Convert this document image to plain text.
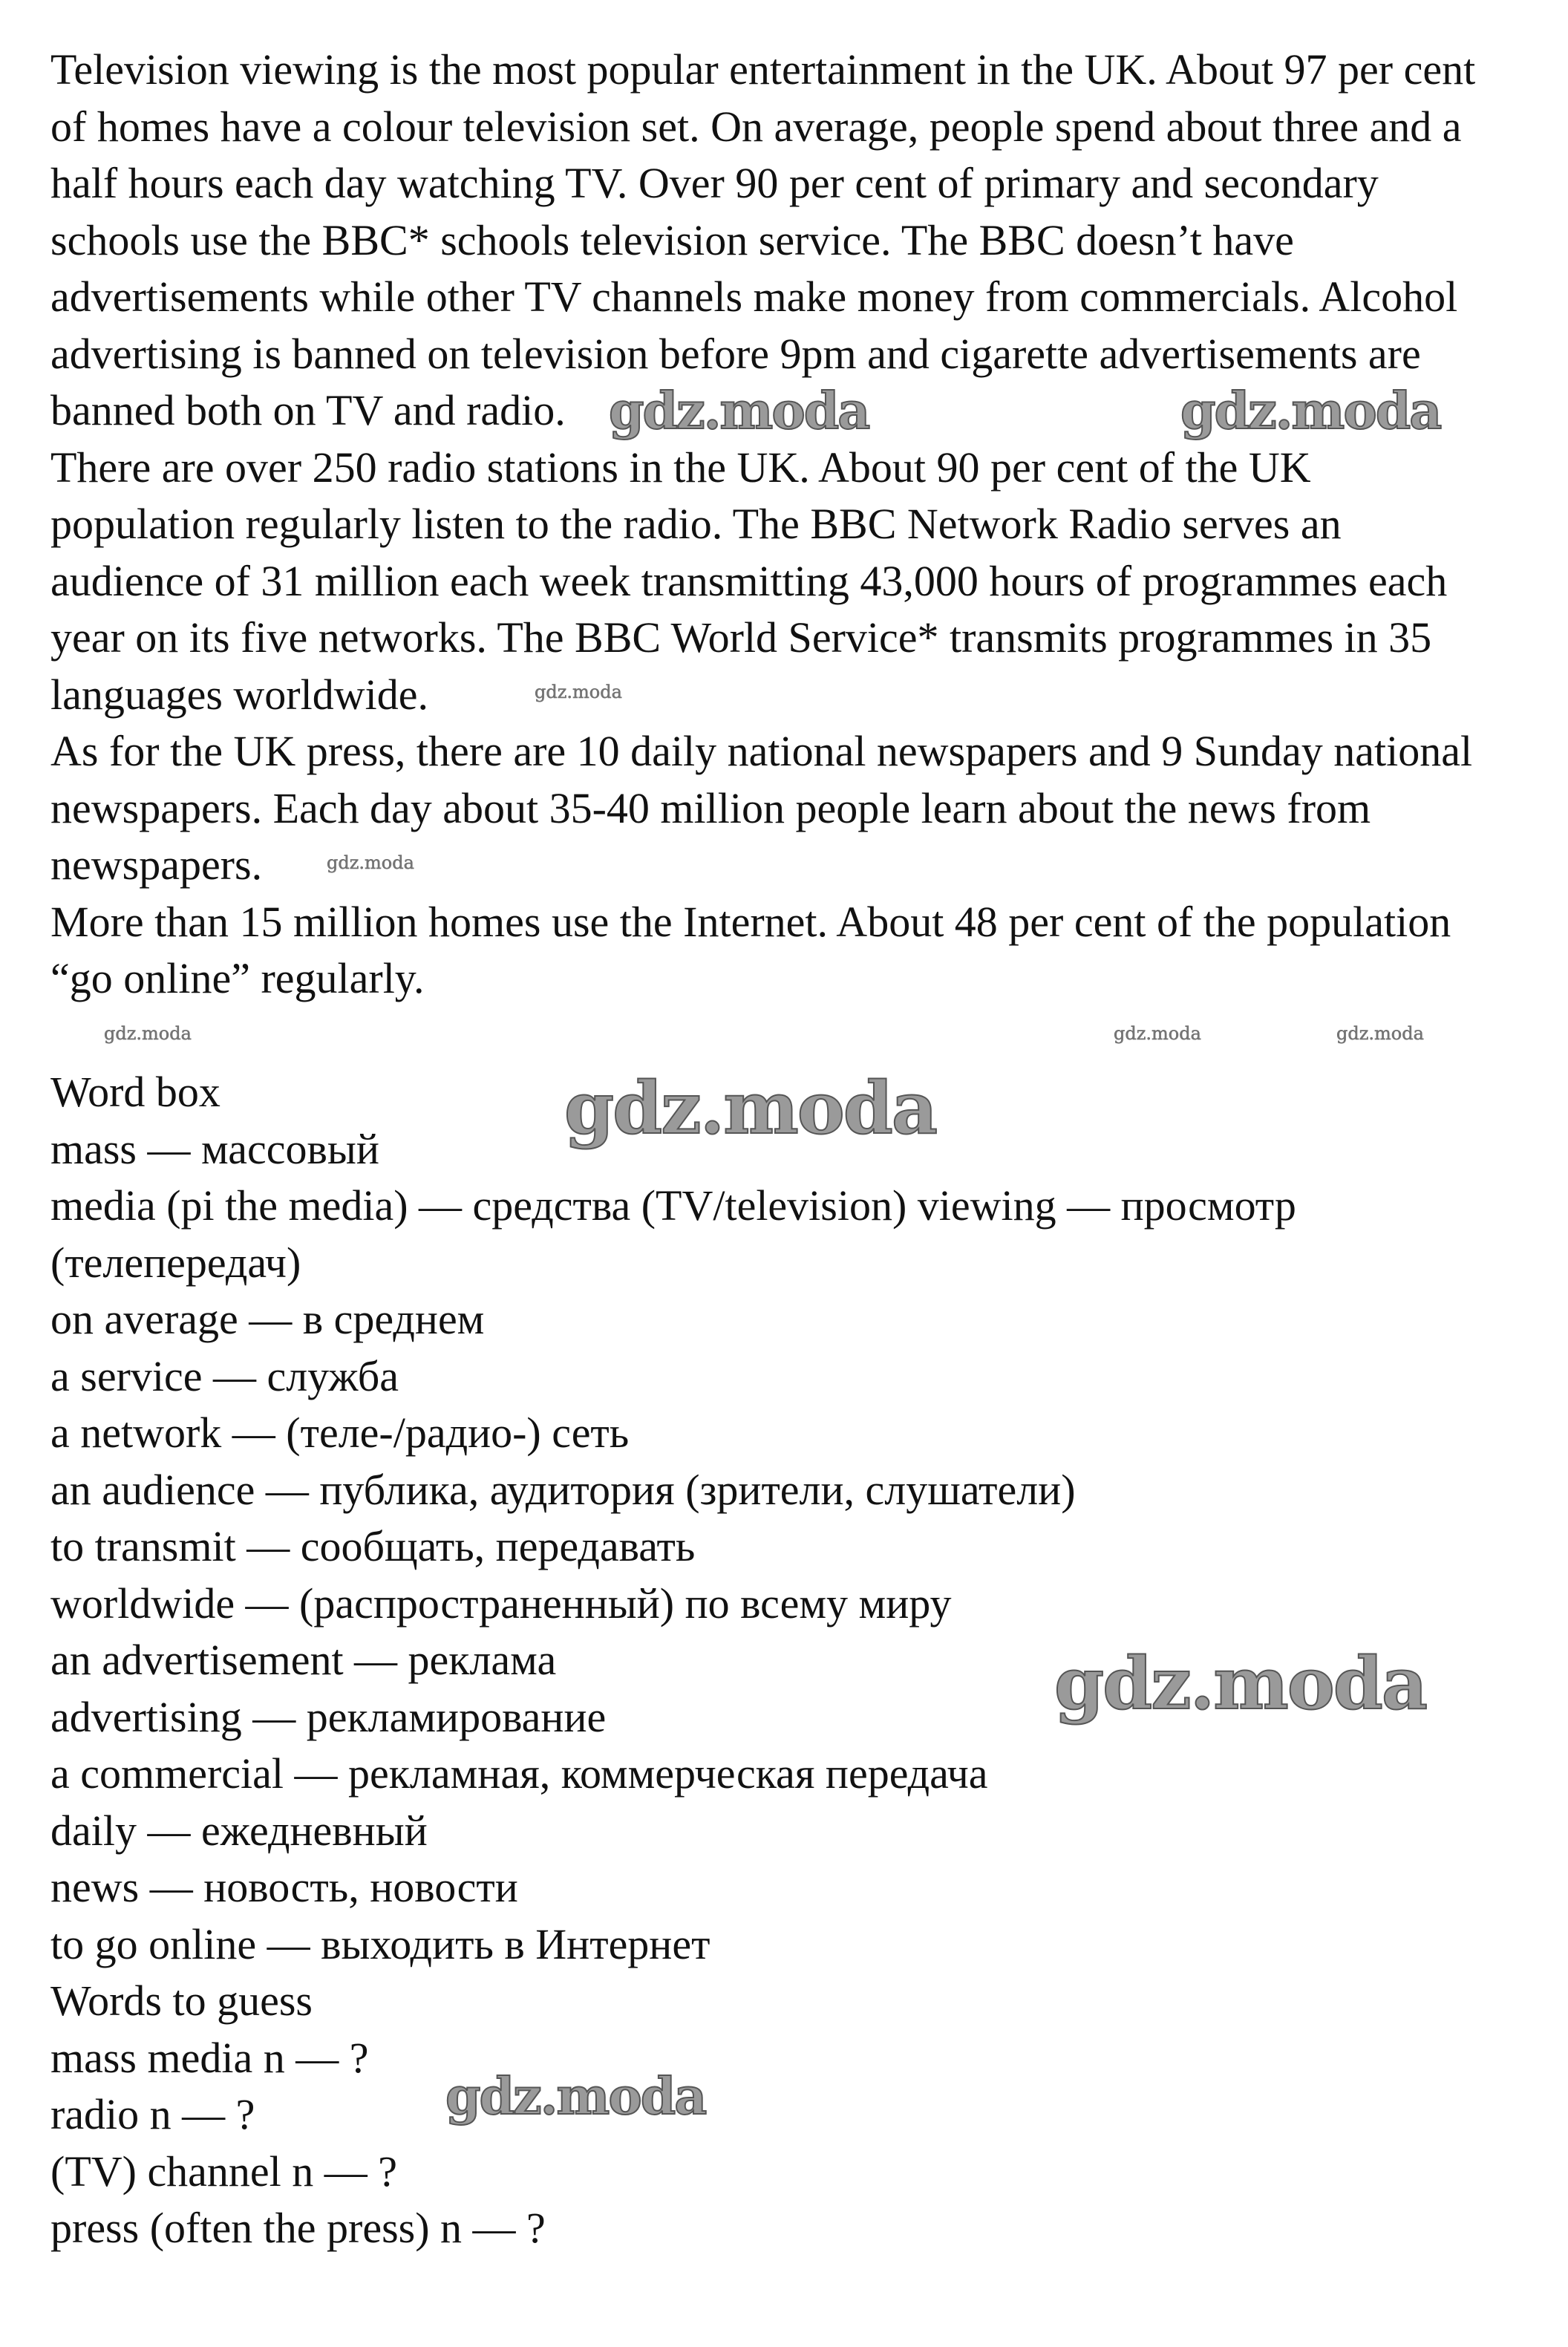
Television viewing is the most popular entertainment in the UK. About 97 per cent
of homes have a colour television set. On average, people spend about three and a
half hours each day watching TV. Over 90 per cent of primary and secondary
schools use the BBC* schools television service. The BBC doesn’t have
advertisements while other TV channels make money from commercials. Alcohol
advertising is banned on television before 9pm and cigarette advertisements are
banned both on TV and radio.
There are over 250 radio stations in the UK. About 90 per cent of the UK
population regularly listen to the radio. The BBC Network Radio serves an
audience of 31 million each week transmitting 43,000 hours of programmes each
year on its five networks. The BBC World Service* transmits programmes in 35
languages worldwide.
As for the UK press, there are 10 daily national newspapers and 9 Sunday national
newspapers. Each day about 35-40 million people learn about the news from
newspapers.
More than 15 million homes use the Internet. About 48 per cent of the population
“go online” regularly.
Word box
mass — массовый
media (pi the media) — средства (TV/television) viewing — просмотр
(телепередач)
on average — в среднем
a service — служба
a network — (теле-/радио-) сеть
an audience — публика, аудитория (зрители, слушатели)
to transmit — сообщать, передавать
worldwide — (распространенный) по всему миру
an advertisement — реклама
advertising — рекламирование
a commercial — рекламная, коммерческая передача
daily — ежедневный
news — новость, новости
to go online — выходить в Интернет
Words to guess
mass media n — ?
radio n — ?
(TV) channel n — ?
press (often the press) n — ?
gdz.moda	gdz.moda
gdz.moda
gdz.moda
gdz.moda
gdz.moda
gdz.moda
gdz.moda	gdz.moda	gdz.moda
